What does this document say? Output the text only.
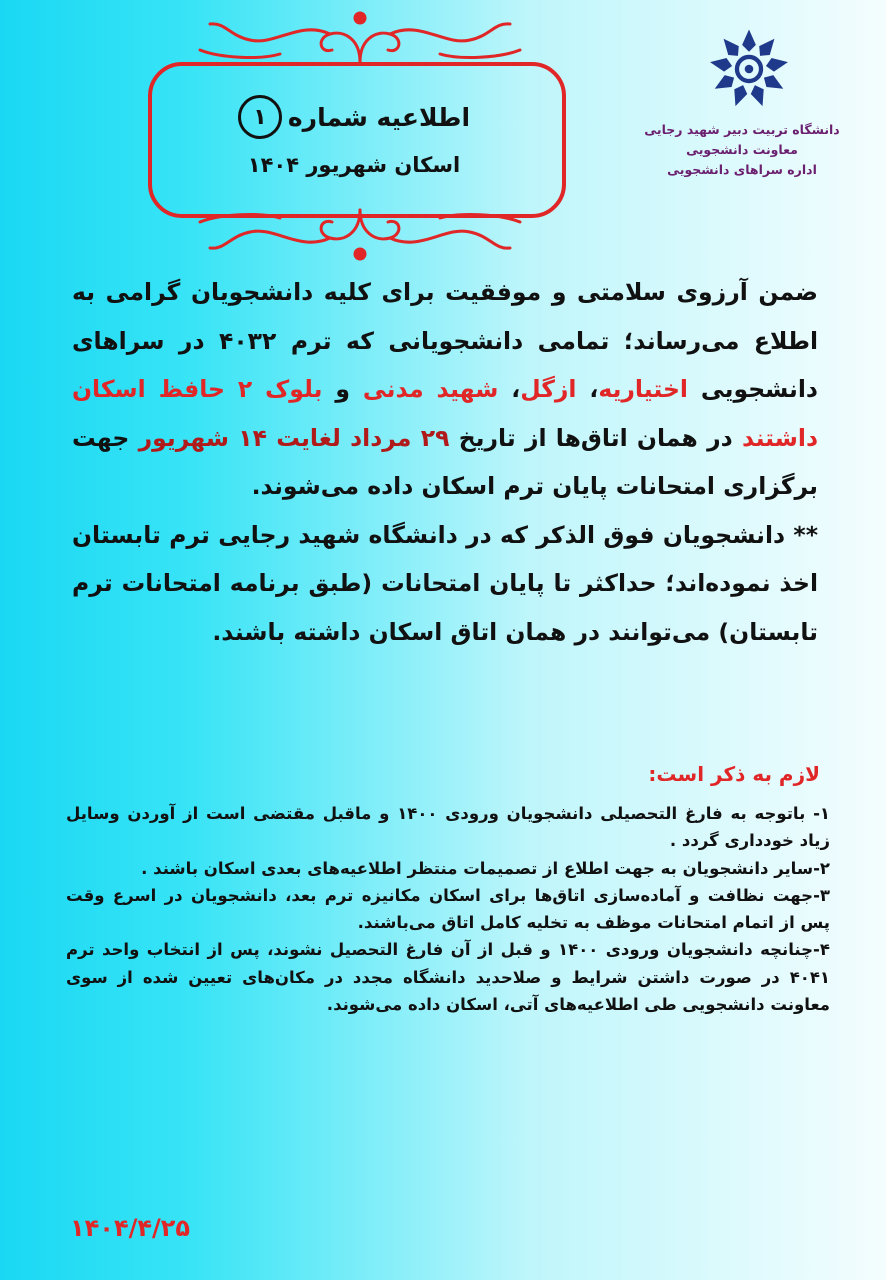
اطلاعیه شماره
۱
اسکان شهریور ۱۴۰۴
دانشگاه تربیت دبیر شهید رجایی
معاونت دانشجویی
اداره سراهای دانشجویی
ضمن آرزوی سلامتی و موفقیت برای کلیه دانشجویان گرامی به اطلاع می‌رساند؛ تمامی دانشجویانی که ترم ۴۰۳۲ در سراهای دانشجویی اختیاریه، ازگل، شهید مدنی و بلوک ۲ حافظ اسکان داشتند در همان اتاق‌ها از تاریخ ۲۹ مرداد لغایت ۱۴ شهریور جهت برگزاری امتحانات پایان ترم اسکان داده می‌شوند.
** دانشجویان فوق الذکر که در دانشگاه شهید رجایی ترم تابستان اخذ نموده‌اند؛ حداکثر تا پایان امتحانات (طبق برنامه امتحانات ترم تابستان) می‌توانند در همان اتاق اسکان داشته باشند.
لازم به ذکر است:

۱- باتوجه به فارغ التحصیلی دانشجویان ورودی ۱۴۰۰ و ماقبل مقتضی است از آوردن وسایل زیاد خودداری گردد .

۲-سایر دانشجویان به جهت اطلاع از تصمیمات منتظر اطلاعیه‌های بعدی اسکان باشند .

۳-جهت نظافت و آماده‌سازی اتاق‌ها برای اسکان مکانیزه ترم بعد، دانشجویان در اسرع وقت پس از اتمام امتحانات موظف به تخلیه کامل اتاق می‌باشند.

۴-چنانچه دانشجویان ورودی ۱۴۰۰ و قبل از آن فارغ التحصیل نشوند، پس از انتخاب واحد ترم ۴۰۴۱ در صورت داشتن شرایط و صلاحدید دانشگاه مجدد در مکان‌های تعیین شده از سوی معاونت دانشجویی طی اطلاعیه‌های آتی، اسکان داده می‌شوند.

۱۴۰۴/۴/۲۵
